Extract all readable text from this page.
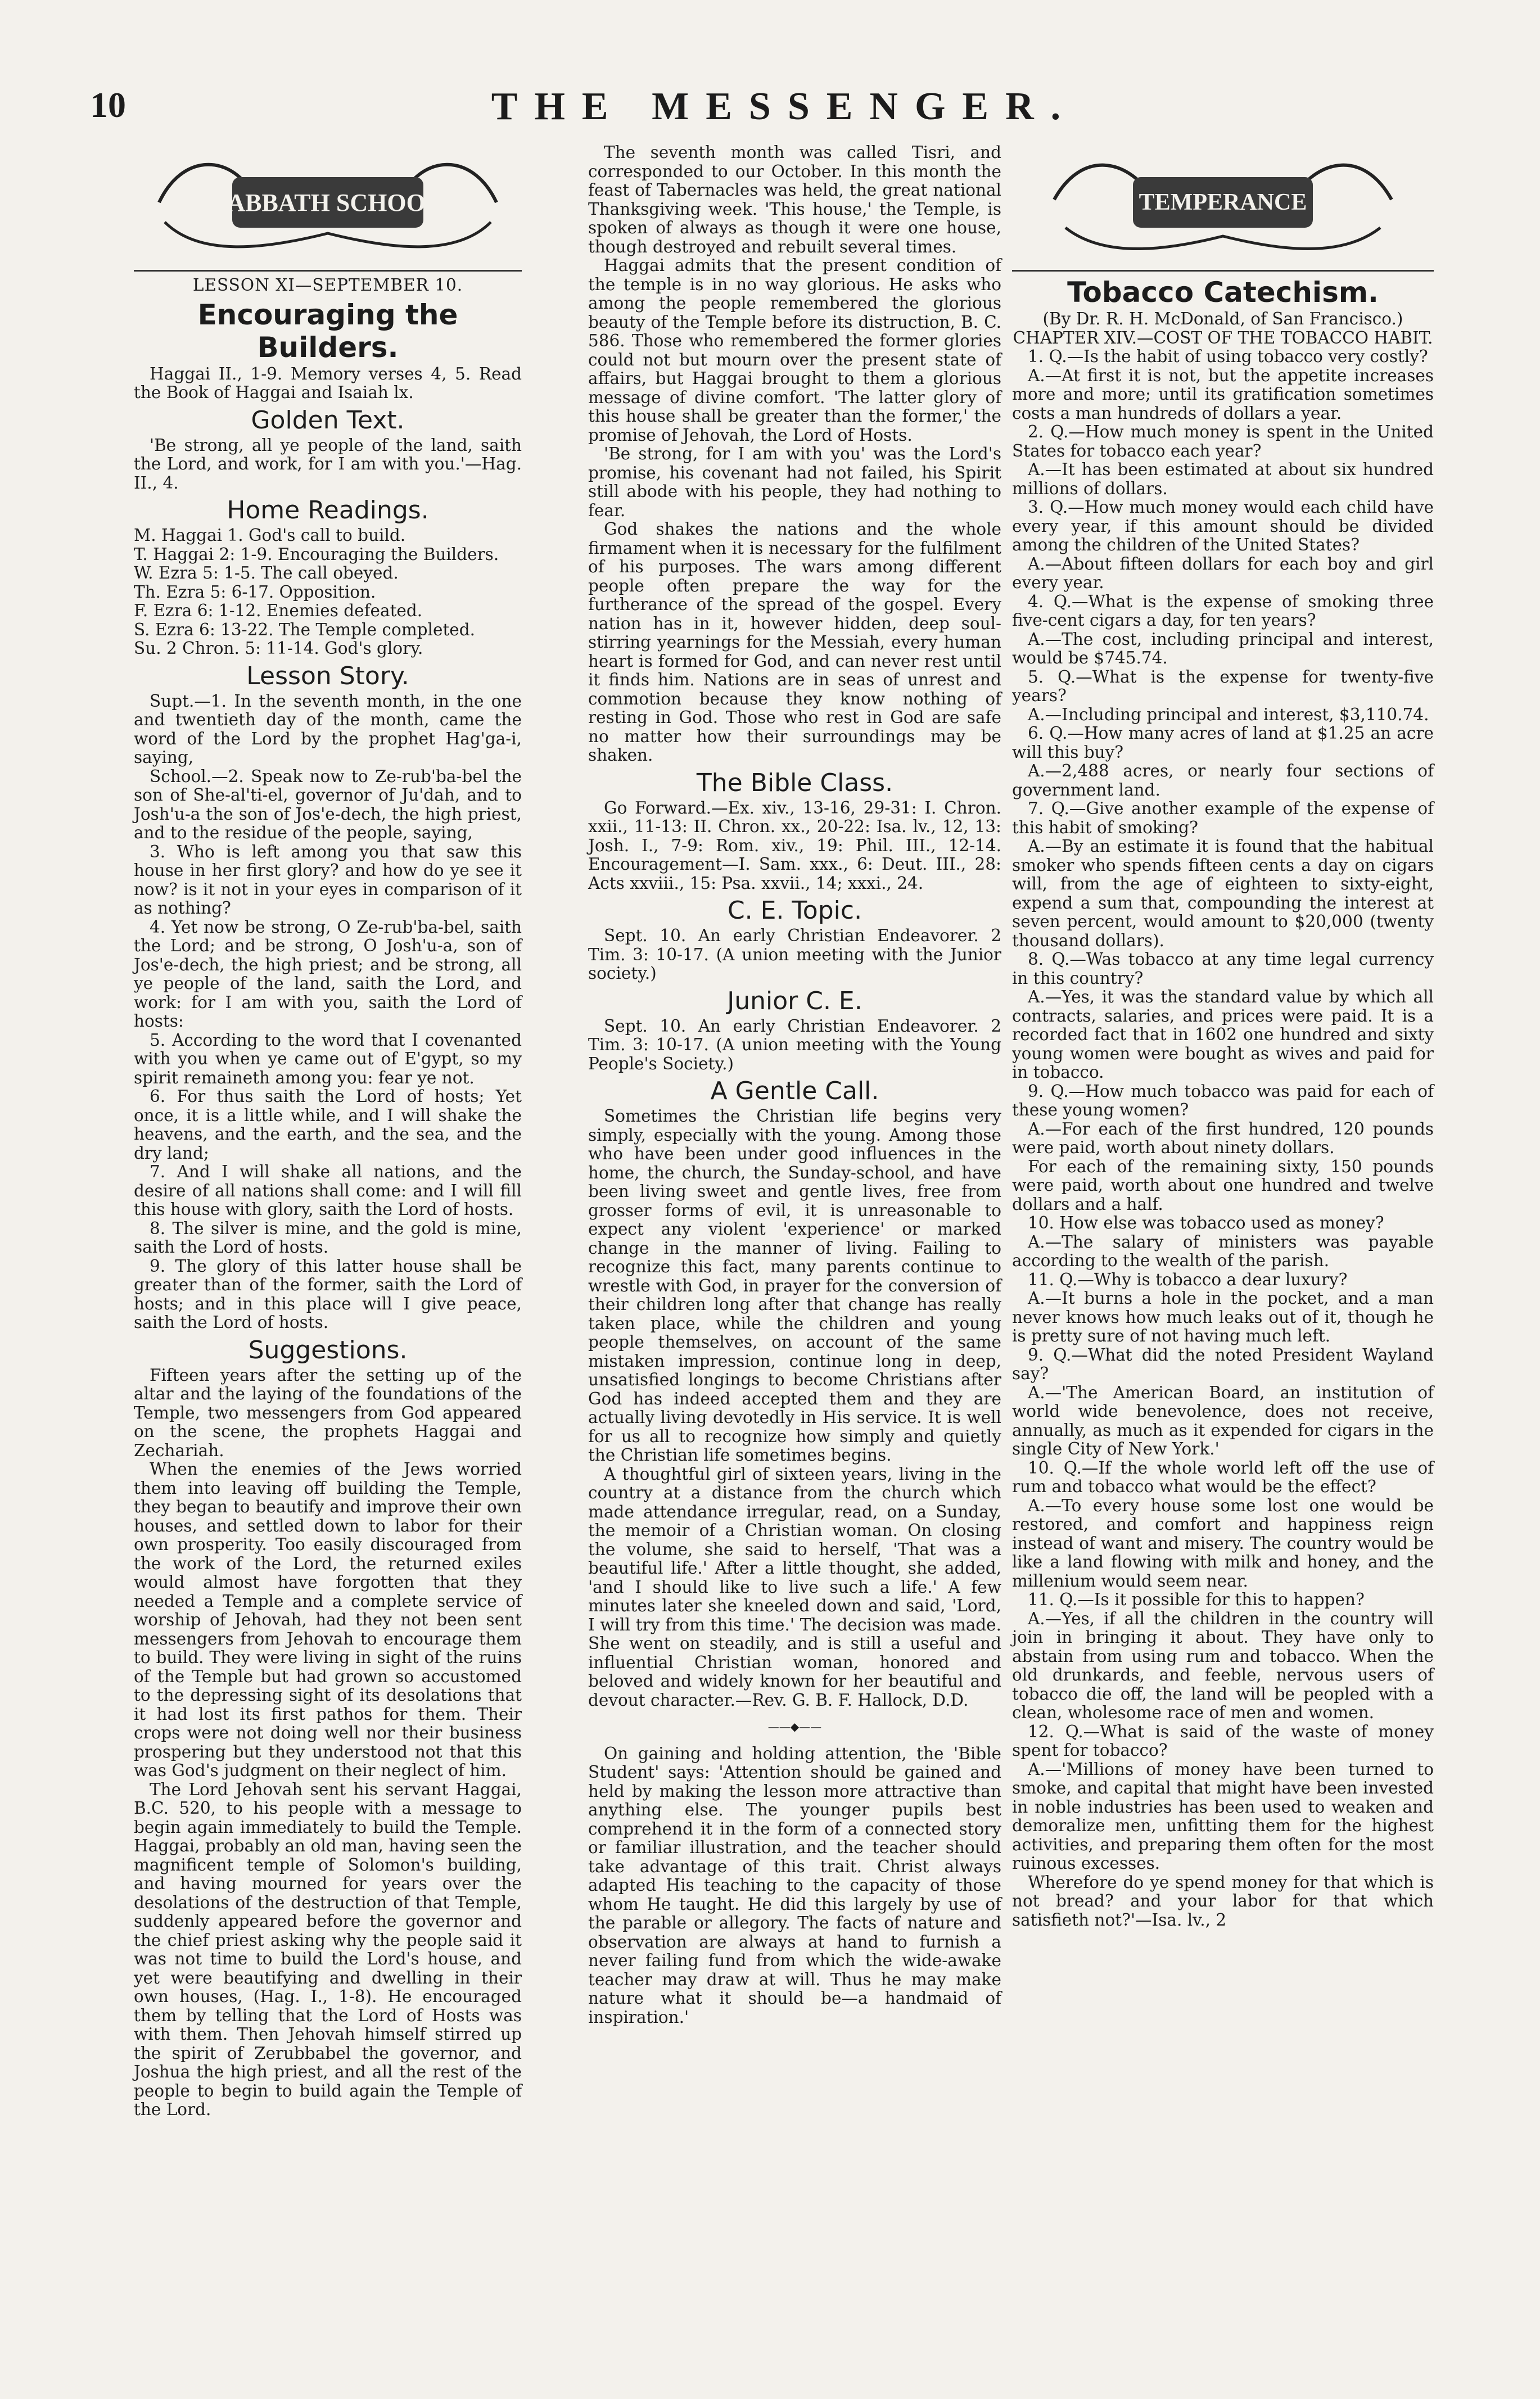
10	THE MESSENGER.
SABBATH SCHOOL

LESSON XI—SEPTEMBER 10.

Encouraging the Builders.

Haggai II., 1-9. Memory verses 4, 5. Read the Book of Haggai and Isaiah lx.

Golden Text.

'Be strong, all ye people of the land, saith the Lord, and work, for I am with you.'—Hag. II., 4.

Home Readings.

M. Haggai 1. God's call to build.

T. Haggai 2: 1-9. Encouraging the Builders.

W. Ezra 5: 1-5. The call obeyed.

Th. Ezra 5: 6-17. Opposition.

F. Ezra 6: 1-12. Enemies defeated.

S. Ezra 6: 13-22. The Temple completed.

Su. 2 Chron. 5: 11-14. God's glory.

Lesson Story.

Supt.—1. In the seventh month, in the one and twentieth day of the month, came the word of the Lord by the prophet Hag'ga-i, saying,

School.—2. Speak now to Ze-rub'ba-bel the son of She-al'ti-el, governor of Ju'dah, and to Josh'u-a the son of Jos'e-dech, the high priest, and to the residue of the people, saying,

3. Who is left among you that saw this house in her first glory? and how do ye see it now? is it not in your eyes in comparison of it as nothing?

4. Yet now be strong, O Ze-rub'ba-bel, saith the Lord; and be strong, O Josh'u-a, son of Jos'e-dech, the high priest; and be strong, all ye people of the land, saith the Lord, and work: for I am with you, saith the Lord of hosts:

5. According to the word that I covenanted with you when ye came out of E'gypt, so my spirit remaineth among you: fear ye not.

6. For thus saith the Lord of hosts; Yet once, it is a little while, and I will shake the heavens, and the earth, and the sea, and the dry land;

7. And I will shake all nations, and the desire of all nations shall come: and I will fill this house with glory, saith the Lord of hosts.

8. The silver is mine, and the gold is mine, saith the Lord of hosts.

9. The glory of this latter house shall be greater than of the former, saith the Lord of hosts; and in this place will I give peace, saith the Lord of hosts.

Suggestions.

Fifteen years after the setting up of the altar and the laying of the foundations of the Temple, two messengers from God appeared on the scene, the prophets Haggai and Zechariah.

When the enemies of the Jews worried them into leaving off building the Temple, they began to beautify and improve their own houses, and settled down to labor for their own prosperity. Too easily discouraged from the work of the Lord, the returned exiles would almost have forgotten that they needed a Temple and a complete service of worship of Jehovah, had they not been sent messengers from Jehovah to encourage them to build. They were living in sight of the ruins of the Temple but had grown so accustomed to the depressing sight of its desolations that it had lost its first pathos for them. Their crops were not doing well nor their business prospering but they understood not that this was God's judgment on their neglect of him.

The Lord Jehovah sent his servant Haggai, B.C. 520, to his people with a message to begin again immediately to build the Temple. Haggai, probably an old man, having seen the magnificent temple of Solomon's building, and having mourned for years over the desolations of the destruction of that Temple, suddenly appeared before the governor and the chief priest asking why the people said it was not time to build the Lord's house, and yet were beautifying and dwelling in their own houses, (Hag. I., 1-8). He encouraged them by telling that the Lord of Hosts was with them. Then Jehovah himself stirred up the spirit of Zerubbabel the governor, and Joshua the high priest, and all the rest of the people to begin to build again the Temple of the Lord.

The seventh month was called Tisri, and corresponded to our October. In this month the feast of Tabernacles was held, the great national Thanksgiving week. 'This house,' the Temple, is spoken of always as though it were one house, though destroyed and rebuilt several times.

Haggai admits that the present condition of the temple is in no way glorious. He asks who among the people remembered the glorious beauty of the Temple before its distruction, B. C. 586. Those who remembered the former glories could not but mourn over the present state of affairs, but Haggai brought to them a glorious message of divine comfort. 'The latter glory of this house shall be greater than the former,' the promise of Jehovah, the Lord of Hosts.

'Be strong, for I am with you' was the Lord's promise, his covenant had not failed, his Spirit still abode with his people, they had nothing to fear.

God shakes the nations and the whole firmament when it is necessary for the fulfilment of his purposes. The wars among different people often prepare the way for the furtherance of the spread of the gospel. Every nation has in it, however hidden, deep soul-stirring yearnings for the Messiah, every human heart is formed for God, and can never rest until it finds him. Nations are in seas of unrest and commotion because they know nothing of resting in God. Those who rest in God are safe no matter how their surroundings may be shaken.

The Bible Class.

Go Forward.—Ex. xiv., 13-16, 29-31: I. Chron. xxii., 11-13: II. Chron. xx., 20-22: Isa. lv., 12, 13: Josh. I., 7-9: Rom. xiv., 19: Phil. III., 12-14. Encouragement—I. Sam. xxx., 6: Deut. III., 28: Acts xxviii., 15: Psa. xxvii., 14; xxxi., 24.

C. E. Topic.

Sept. 10. An early Christian Endeavorer. 2 Tim. 3: 10-17. (A union meeting with the Junior society.)

Junior C. E.

Sept. 10. An early Christian Endeavorer. 2 Tim. 3: 10-17. (A union meeting with the Young People's Society.)

A Gentle Call.

Sometimes the Christian life begins very simply, especially with the young. Among those who have been under good influences in the home, the church, the Sunday-school, and have been living sweet and gentle lives, free from grosser forms of evil, it is unreasonable to expect any violent 'experience' or marked change in the manner of living. Failing to recognize this fact, many parents continue to wrestle with God, in prayer for the conversion of their children long after that change has really taken place, while the children and young people themselves, on account of the same mistaken impression, continue long in deep, unsatisfied longings to become Christians after God has indeed accepted them and they are actually living devotedly in His service. It is well for us all to recognize how simply and quietly the Christian life sometimes begins.

A thoughtful girl of sixteen years, living in the country at a distance from the church which made attendance irregular, read, on a Sunday, the memoir of a Christian woman. On closing the volume, she said to herself, 'That was a beautiful life.' After a little thought, she added, 'and I should like to live such a life.' A few minutes later she kneeled down and said, 'Lord, I will try from this time.' The decision was made. She went on steadily, and is still a useful and influential Christian woman, honored and beloved and widely known for her beautiful and devout character.—Rev. G. B. F. Hallock, D.D.

——◆——

On gaining and holding attention, the 'Bible Student' says: 'Attention should be gained and held by making the lesson more attractive than anything else. The younger pupils best comprehend it in the form of a connected story or familiar illustration, and the teacher should take advantage of this trait. Christ always adapted His teaching to the capacity of those whom He taught. He did this largely by use of the parable or allegory. The facts of nature and observation are always at hand to furnish a never failing fund from which the wide-awake teacher may draw at will. Thus he may make nature what it should be—a handmaid of inspiration.'

TEMPERANCE
Tobacco Catechism.

(By Dr. R. H. McDonald, of San Francisco.)

CHAPTER XIV.—COST OF THE TOBACCO HABIT.

1. Q.—Is the habit of using tobacco very costly?

A.—At first it is not, but the appetite increases more and more; until its gratification sometimes costs a man hundreds of dollars a year.

2. Q.—How much money is spent in the United States for tobacco each year?

A.—It has been estimated at about six hundred millions of dollars.

3. Q.—How much money would each child have every year, if this amount should be divided among the children of the United States?

A.—About fifteen dollars for each boy and girl every year.

4. Q.—What is the expense of smoking three five-cent cigars a day, for ten years?

A.—The cost, including principal and interest, would be $745.74.

5. Q.—What is the expense for twenty-five years?

A.—Including principal and interest, $3,110.74.

6. Q.—How many acres of land at $1.25 an acre will this buy?

A.—2,488 acres, or nearly four sections of government land.

7. Q.—Give another example of the expense of this habit of smoking?

A.—By an estimate it is found that the habitual smoker who spends fifteen cents a day on cigars will, from the age of eighteen to sixty-eight, expend a sum that, compounding the interest at seven percent, would amount to $20,000 (twenty thousand dollars).

8. Q.—Was tobacco at any time legal currency in this country?

A.—Yes, it was the standard value by which all contracts, salaries, and prices were paid. It is a recorded fact that in 1602 one hundred and sixty young women were bought as wives and paid for in tobacco.

9. Q.—How much tobacco was paid for each of these young women?

A.—For each of the first hundred, 120 pounds were paid, worth about ninety dollars.

For each of the remaining sixty, 150 pounds were paid, worth about one hundred and twelve dollars and a half.

10. How else was tobacco used as money?

A.—The salary of ministers was payable according to the wealth of the parish.

11. Q.—Why is tobacco a dear luxury?

A.—It burns a hole in the pocket, and a man never knows how much leaks out of it, though he is pretty sure of not having much left.

9. Q.—What did the noted President Wayland say?

A.—'The American Board, an institution of world wide benevolence, does not receive, annually, as much as it expended for cigars in the single City of New York.'

10. Q.—If the whole world left off the use of rum and tobacco what would be the effect?

A.—To every house some lost one would be restored, and comfort and happiness reign instead of want and misery. The country would be like a land flowing with milk and honey, and the millenium would seem near.

11. Q.—Is it possible for this to happen?

A.—Yes, if all the children in the country will join in bringing it about. They have only to abstain from using rum and tobacco. When the old drunkards, and feeble, nervous users of tobacco die off, the land will be peopled with a clean, wholesome race of men and women.

12. Q.—What is said of the waste of money spent for tobacco?

A.—'Millions of money have been turned to smoke, and capital that might have been invested in noble industries has been used to weaken and demoralize men, unfitting them for the highest activities, and preparing them often for the most ruinous excesses.

Wherefore do ye spend money for that which is not bread? and your labor for that which satisfieth not?'—Isa. lv., 2
